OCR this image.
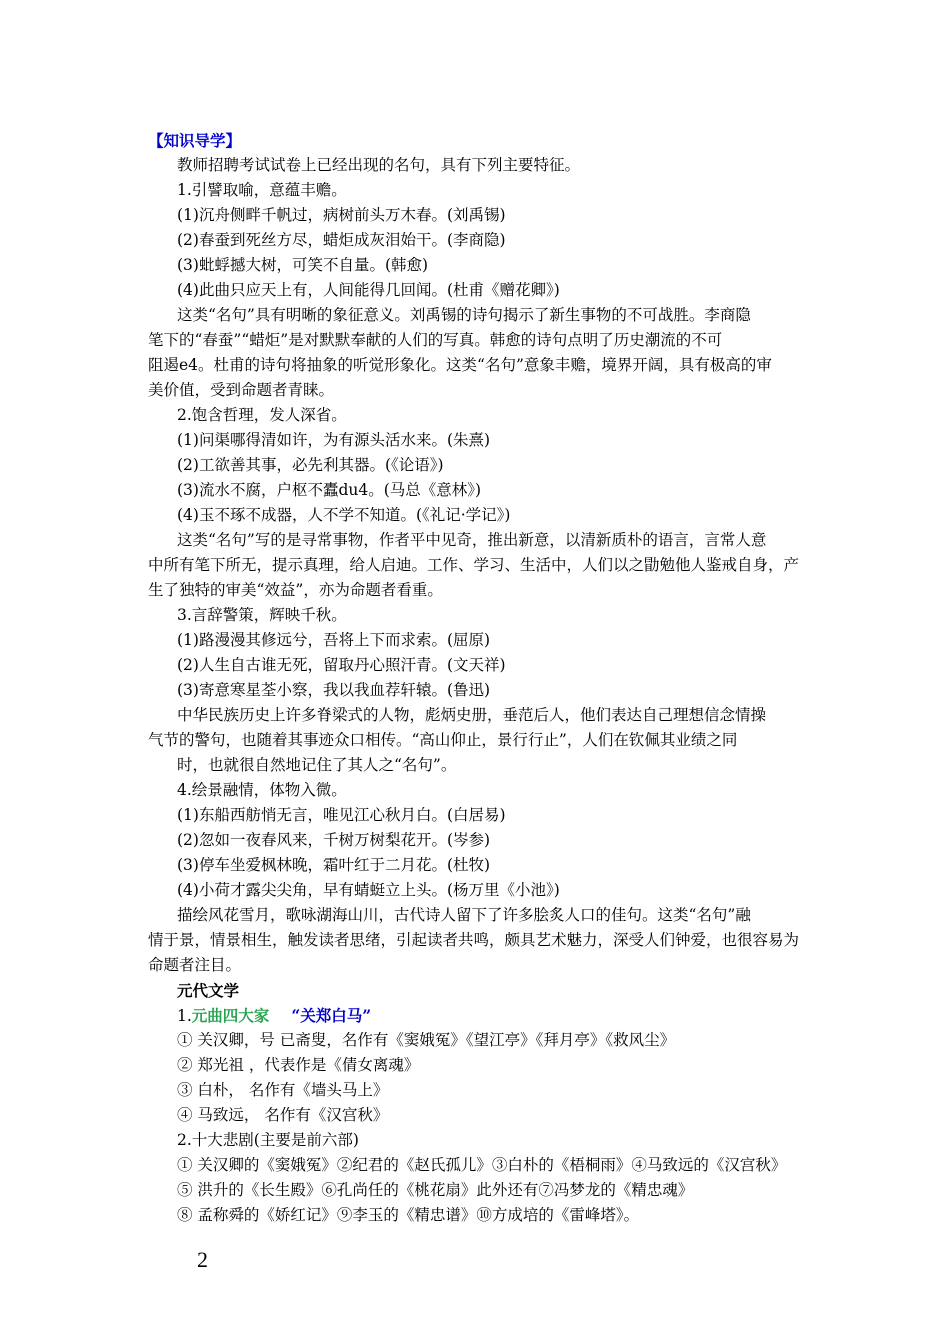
【知识导学】
教师招聘考试试卷上已经出现的名句，具有下列主要特征。
1.引譬取喻，意蕴丰赡。
(1)沉舟侧畔千帆过，病树前头万木春。(刘禹锡)
(2)春蚕到死丝方尽，蜡炬成灰泪始干。(李商隐)
(3)蚍蜉撼大树，可笑不自量。(韩愈)
(4)此曲只应天上有，人间能得几回闻。(杜甫《赠花卿》)
这类“名句”具有明晰的象征意义。刘禹锡的诗句揭示了新生事物的不可战胜。李商隐
笔下的“春蚕”“蜡炬”是对默默奉献的人们的写真。韩愈的诗句点明了历史潮流的不可
阻遏e4。杜甫的诗句将抽象的听觉形象化。这类“名句”意象丰赡，境界开阔，具有极高的审
美价值，受到命题者青睐。
2.饱含哲理，发人深省。
(1)问渠哪得清如许，为有源头活水来。(朱熹)
(2)工欲善其事，必先利其器。(《论语》)
(3)流水不腐，户枢不蠹du4。(马总《意林》)
(4)玉不琢不成器，人不学不知道。(《礼记·学记》)
这类“名句”写的是寻常事物，作者平中见奇，推出新意，以清新质朴的语言，言常人意
中所有笔下所无，提示真理，给人启迪。工作、学习、生活中，人们以之勖勉他人鉴戒自身，产
生了独特的审美“效益”，亦为命题者看重。
3.言辞警策，辉映千秋。
(1)路漫漫其修远兮，吾将上下而求索。(屈原)
(2)人生自古谁无死，留取丹心照汗青。(文天祥)
(3)寄意寒星荃小察，我以我血荐轩辕。(鲁迅)
中华民族历史上许多脊梁式的人物，彪炳史册，垂范后人，他们表达自己理想信念情操
气节的警句，也随着其事迹众口相传。“高山仰止，景行行止”，人们在钦佩其业绩之同
时，也就很自然地记住了其人之“名句”。
4.绘景融情，体物入微。
(1)东船西舫悄无言，唯见江心秋月白。(白居易)
(2)忽如一夜春风来，千树万树梨花开。(岑参)
(3)停车坐爱枫林晚，霜叶红于二月花。(杜牧)
(4)小荷才露尖尖角，早有蜻蜓立上头。(杨万里《小池》)
描绘风花雪月，歌咏湖海山川，古代诗人留下了许多脍炙人口的佳句。这类“名句”融
情于景，情景相生，触发读者思绪，引起读者共鸣，颇具艺术魅力，深受人们钟爱，也很容易为
命题者注目。
元代文学
1.元曲四大家 “关郑白马”
① 关汉卿，号 已斋叟，名作有《窦娥冤》《望江亭》《拜月亭》《救风尘》
② 郑光祖 ，代表作是《倩女离魂》
③ 白朴， 名作有《墙头马上》
④ 马致远， 名作有《汉宫秋》
2.十大悲剧(主要是前六部)
① 关汉卿的《窦娥冤》②纪君的《赵氏孤儿》③白朴的《梧桐雨》④马致远的《汉宫秋》
⑤ 洪升的《长生殿》⑥孔尚任的《桃花扇》此外还有⑦冯梦龙的《精忠魂》
⑧ 孟称舜的《娇红记》⑨李玉的《精忠谱》⑩方成培的《雷峰塔》。
2
